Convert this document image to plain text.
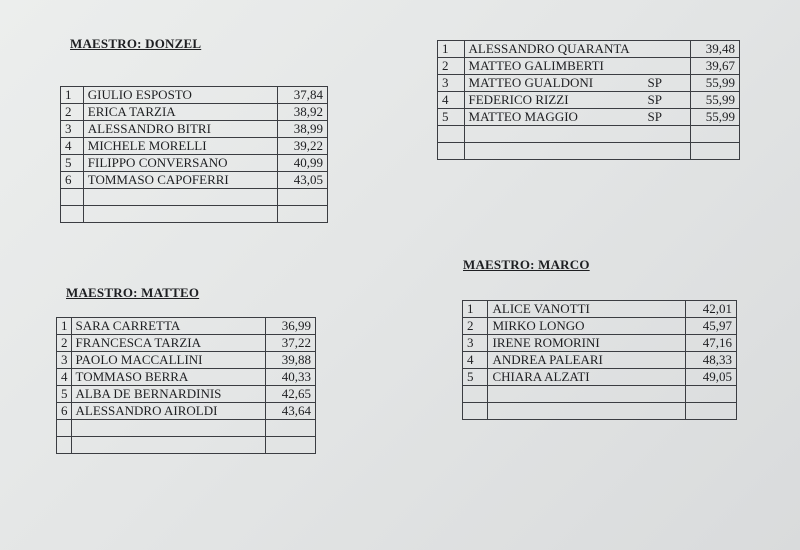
MAESTRO: DONZEL
1	GIULIO ESPOSTO	37,84
2	ERICA TARZIA	38,92
3	ALESSANDRO BITRI	38,99
4	MICHELE MORELLI	39,22
5	FILIPPO CONVERSANO	40,99
6	TOMMASO CAPOFERRI	43,05

1	ALESSANDRO QUARANTA	39,48
2	MATTEO GALIMBERTI	39,67
3	MATTEO GUALDONI SP	55,99
4	FEDERICO RIZZI SP	55,99
5	MATTEO MAGGIO SP	55,99

MAESTRO: MATTEO
1	SARA CARRETTA	36,99
2	FRANCESCA TARZIA	37,22
3	PAOLO MACCALLINI	39,88
4	TOMMASO BERRA	40,33
5	ALBA DE BERNARDINIS	42,65
6	ALESSANDRO AIROLDI	43,64

MAESTRO: MARCO
1	ALICE VANOTTI	42,01
2	MIRKO LONGO	45,97
3	IRENE ROMORINI	47,16
4	ANDREA PALEARI	48,33
5	CHIARA ALZATI	49,05
